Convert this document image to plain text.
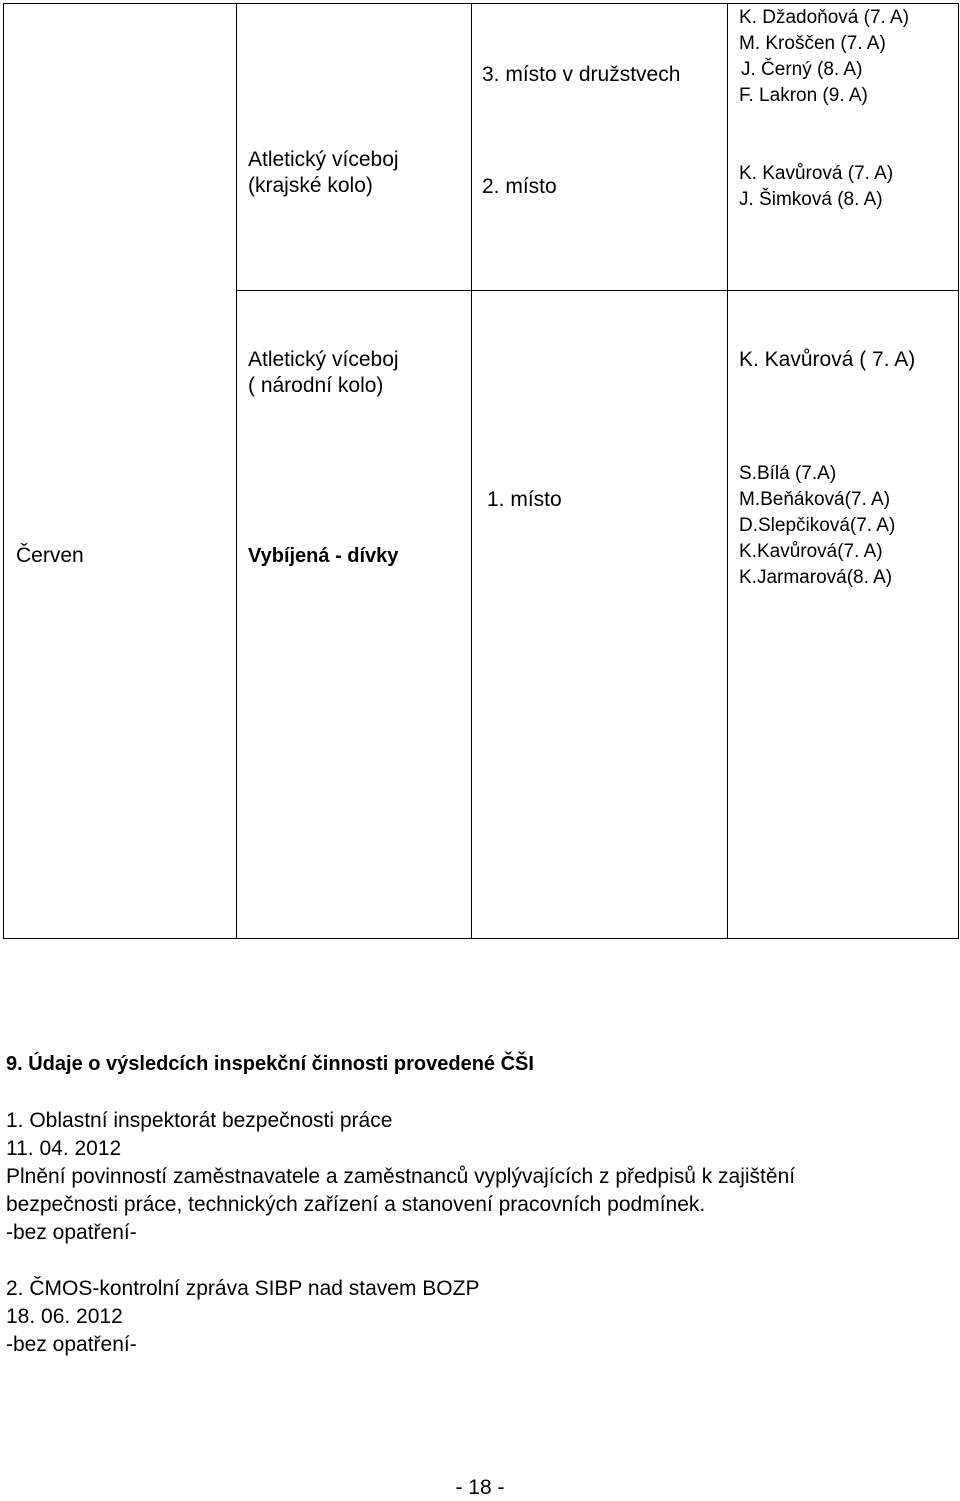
3. místo v družstvech
K. Džadoňová (7. A)
M. Kroščen (7. A)
J. Černý (8. A)
F. Lakron (9. A)
Atletický víceboj
(krajské kolo)	2. místo
K. Kavůrová (7. A)
J. Šimková (8. A)
Atletický víceboj
( národní kolo)
K. Kavůrová ( 7. A)
Červen	Vybíjená - dívky
1. místo
S.Bílá (7.A)
M.Beňáková(7. A)
D.Slepčiková(7. A)
K.Kavůrová(7. A)
K.Jarmarová(8. A)
9. Údaje o výsledcích inspekční činnosti provedené ČŠI
1. Oblastní inspektorát bezpečnosti práce
11. 04. 2012
Plnění povinností zaměstnavatele a zaměstnanců vyplývajících z předpisů k zajištění
bezpečnosti práce, technických zařízení a stanovení pracovních podmínek.
-bez opatření-
2. ČMOS-kontrolní zpráva SIBP nad stavem BOZP
18. 06. 2012
-bez opatření-
- 18 -
